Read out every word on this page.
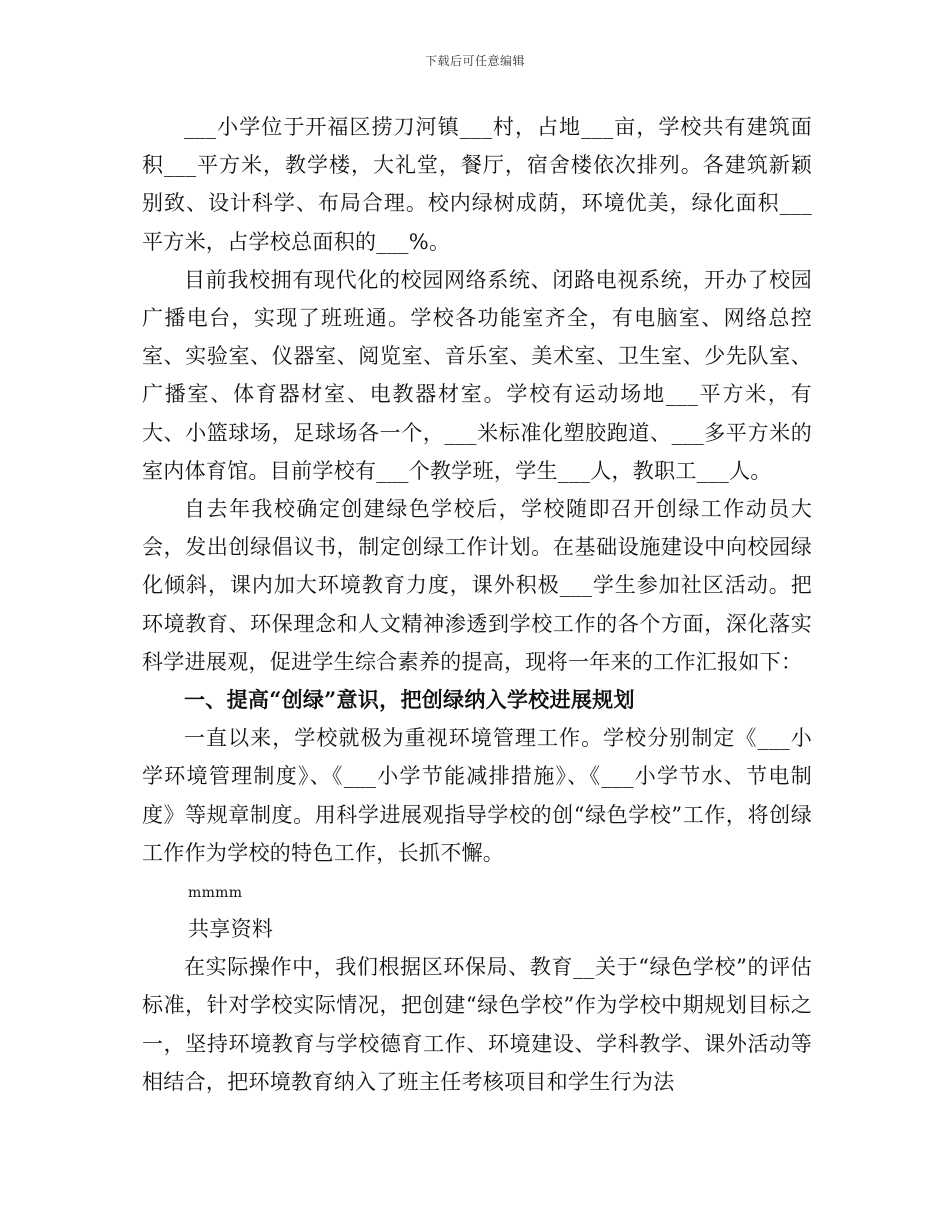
下载后可任意编辑

___小学位于开福区捞刀河镇___村，占地___亩，学校共有建筑面积___平方米，教学楼，大礼堂，餐厅，宿舍楼依次排列。各建筑新颖别致、设计科学、布局合理。校内绿树成荫，环境优美，绿化面积___平方米，占学校总面积的___%。

目前我校拥有现代化的校园网络系统、闭路电视系统，开办了校园广播电台，实现了班班通。学校各功能室齐全，有电脑室、网络总控室、实验室、仪器室、阅览室、音乐室、美术室、卫生室、少先队室、广播室、体育器材室、电教器材室。学校有运动场地___平方米，有大、小篮球场，足球场各一个，___米标准化塑胶跑道、___多平方米的室内体育馆。目前学校有___个教学班，学生___人，教职工___人。

自去年我校确定创建绿色学校后，学校随即召开创绿工作动员大会，发出创绿倡议书，制定创绿工作计划。在基础设施建设中向校园绿化倾斜，课内加大环境教育力度，课外积极___学生参加社区活动。把环境教育、环保理念和人文精神渗透到学校工作的各个方面，深化落实科学进展观，促进学生综合素养的提高，现将一年来的工作汇报如下：

一、提高“创绿”意识，把创绿纳入学校进展规划

一直以来，学校就极为重视环境管理工作。学校分别制定《___小学环境管理制度》、《___小学节能减排措施》、《___小学节水、节电制度》等规章制度。用科学进展观指导学校的创“绿色学校”工作，将创绿工作作为学校的特色工作，长抓不懈。

mmmm

共享资料

在实际操作中，我们根据区环保局、教育__关于“绿色学校”的评估标准，针对学校实际情况，把创建“绿色学校”作为学校中期规划目标之一，坚持环境教育与学校德育工作、环境建设、学科教学、课外活动等相结合，把环境教育纳入了班主任考核项目和学生行为法
